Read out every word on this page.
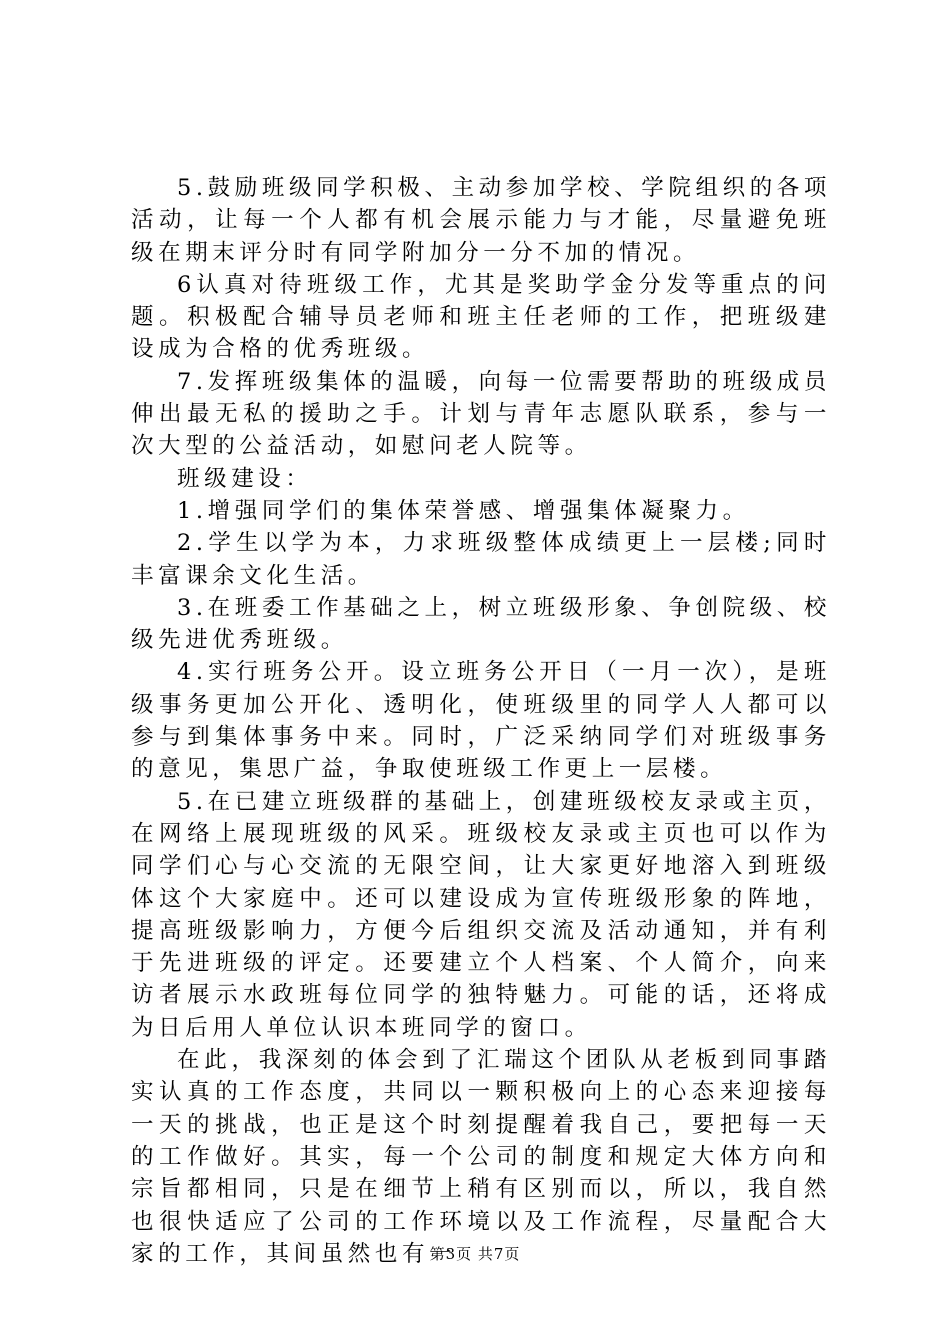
5.鼓励班级同学积极、主动参加学校、学院组织的各项活动，让每一个人都有机会展示能力与才能，尽量避免班级在期末评分时有同学附加分一分不加的情况。

6认真对待班级工作，尤其是奖助学金分发等重点的问题。积极配合辅导员老师和班主任老师的工作，把班级建设成为合格的优秀班级。

7.发挥班级集体的温暖，向每一位需要帮助的班级成员伸出最无私的援助之手。计划与青年志愿队联系，参与一次大型的公益活动，如慰问老人院等。

班级建设：

1.增强同学们的集体荣誉感、增强集体凝聚力。

2.学生以学为本，力求班级整体成绩更上一层楼;同时丰富课余文化生活。

3.在班委工作基础之上，树立班级形象、争创院级、校级先进优秀班级。

4.实行班务公开。设立班务公开日（一月一次），是班级事务更加公开化、透明化，使班级里的同学人人都可以参与到集体事务中来。同时，广泛采纳同学们对班级事务的意见，集思广益，争取使班级工作更上一层楼。

5.在已建立班级群的基础上，创建班级校友录或主页，在网络上展现班级的风采。班级校友录或主页也可以作为同学们心与心交流的无限空间，让大家更好地溶入到班级体这个大家庭中。还可以建设成为宣传班级形象的阵地，提高班级影响力，方便今后组织交流及活动通知，并有利于先进班级的评定。还要建立个人档案、个人简介，向来访者展示水政班每位同学的独特魅力。可能的话，还将成为日后用人单位认识本班同学的窗口。

在此，我深刻的体会到了汇瑞这个团队从老板到同事踏实认真的工作态度，共同以一颗积极向上的心态来迎接每一天的挑战，也正是这个时刻提醒着我自己，要把每一天的工作做好。其实，每一个公司的制度和规定大体方向和宗旨都相同，只是在细节上稍有区别而以，所以，我自然也很快适应了公司的工作环境以及工作流程，尽量配合大家的工作，其间虽然也有一

第3页 共7页
